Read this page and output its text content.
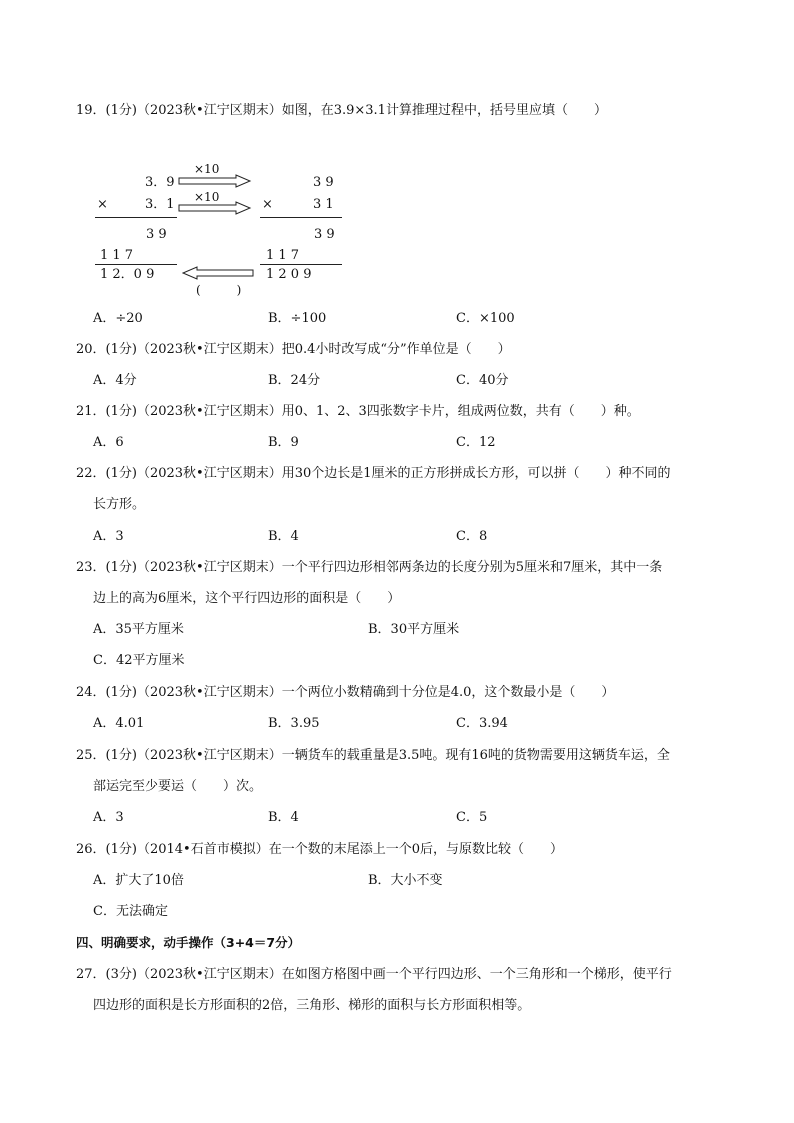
19．(1分)（2023秋•江宁区期末）如图，在3.9×3.1计算推理过程中，括号里应填（　　）
3．9
×	3．1
3 9
1 1 7
1 2．0 9
3 9
×	3 1
3 9
1 1 7
1 2 0 9
×10
×10
(　　　)
A．÷20	B．÷100	C．×100
20．(1分)（2023秋•江宁区期末）把0.4小时改写成“分”作单位是（　　）
A．4分	B．24分	C．40分
21．(1分)（2023秋•江宁区期末）用0、1、2、3四张数字卡片，组成两位数，共有（　　）种。
A．6	B．9	C．12
22．(1分)（2023秋•江宁区期末）用30个边长是1厘米的正方形拼成长方形，可以拼（　　）种不同的
长方形。
A．3	B．4	C．8
23．(1分)（2023秋•江宁区期末）一个平行四边形相邻两条边的长度分别为5厘米和7厘米，其中一条
边上的高为6厘米，这个平行四边形的面积是（　　）
A．35平方厘米	B．30平方厘米
C．42平方厘米
24．(1分)（2023秋•江宁区期末）一个两位小数精确到十分位是4.0，这个数最小是（　　）
A．4.01	B．3.95	C．3.94
25．(1分)（2023秋•江宁区期末）一辆货车的载重量是3.5吨。现有16吨的货物需要用这辆货车运，全
部运完至少要运（　　）次。
A．3	B．4	C．5
26．(1分)（2014•石首市模拟）在一个数的末尾添上一个0后，与原数比较（　　）
A．扩大了10倍	B．大小不变
C．无法确定
四、明确要求，动手操作（3+4＝7分）
27．(3分)（2023秋•江宁区期末）在如图方格图中画一个平行四边形、一个三角形和一个梯形，使平行
四边形的面积是长方形面积的2倍，三角形、梯形的面积与长方形面积相等。
